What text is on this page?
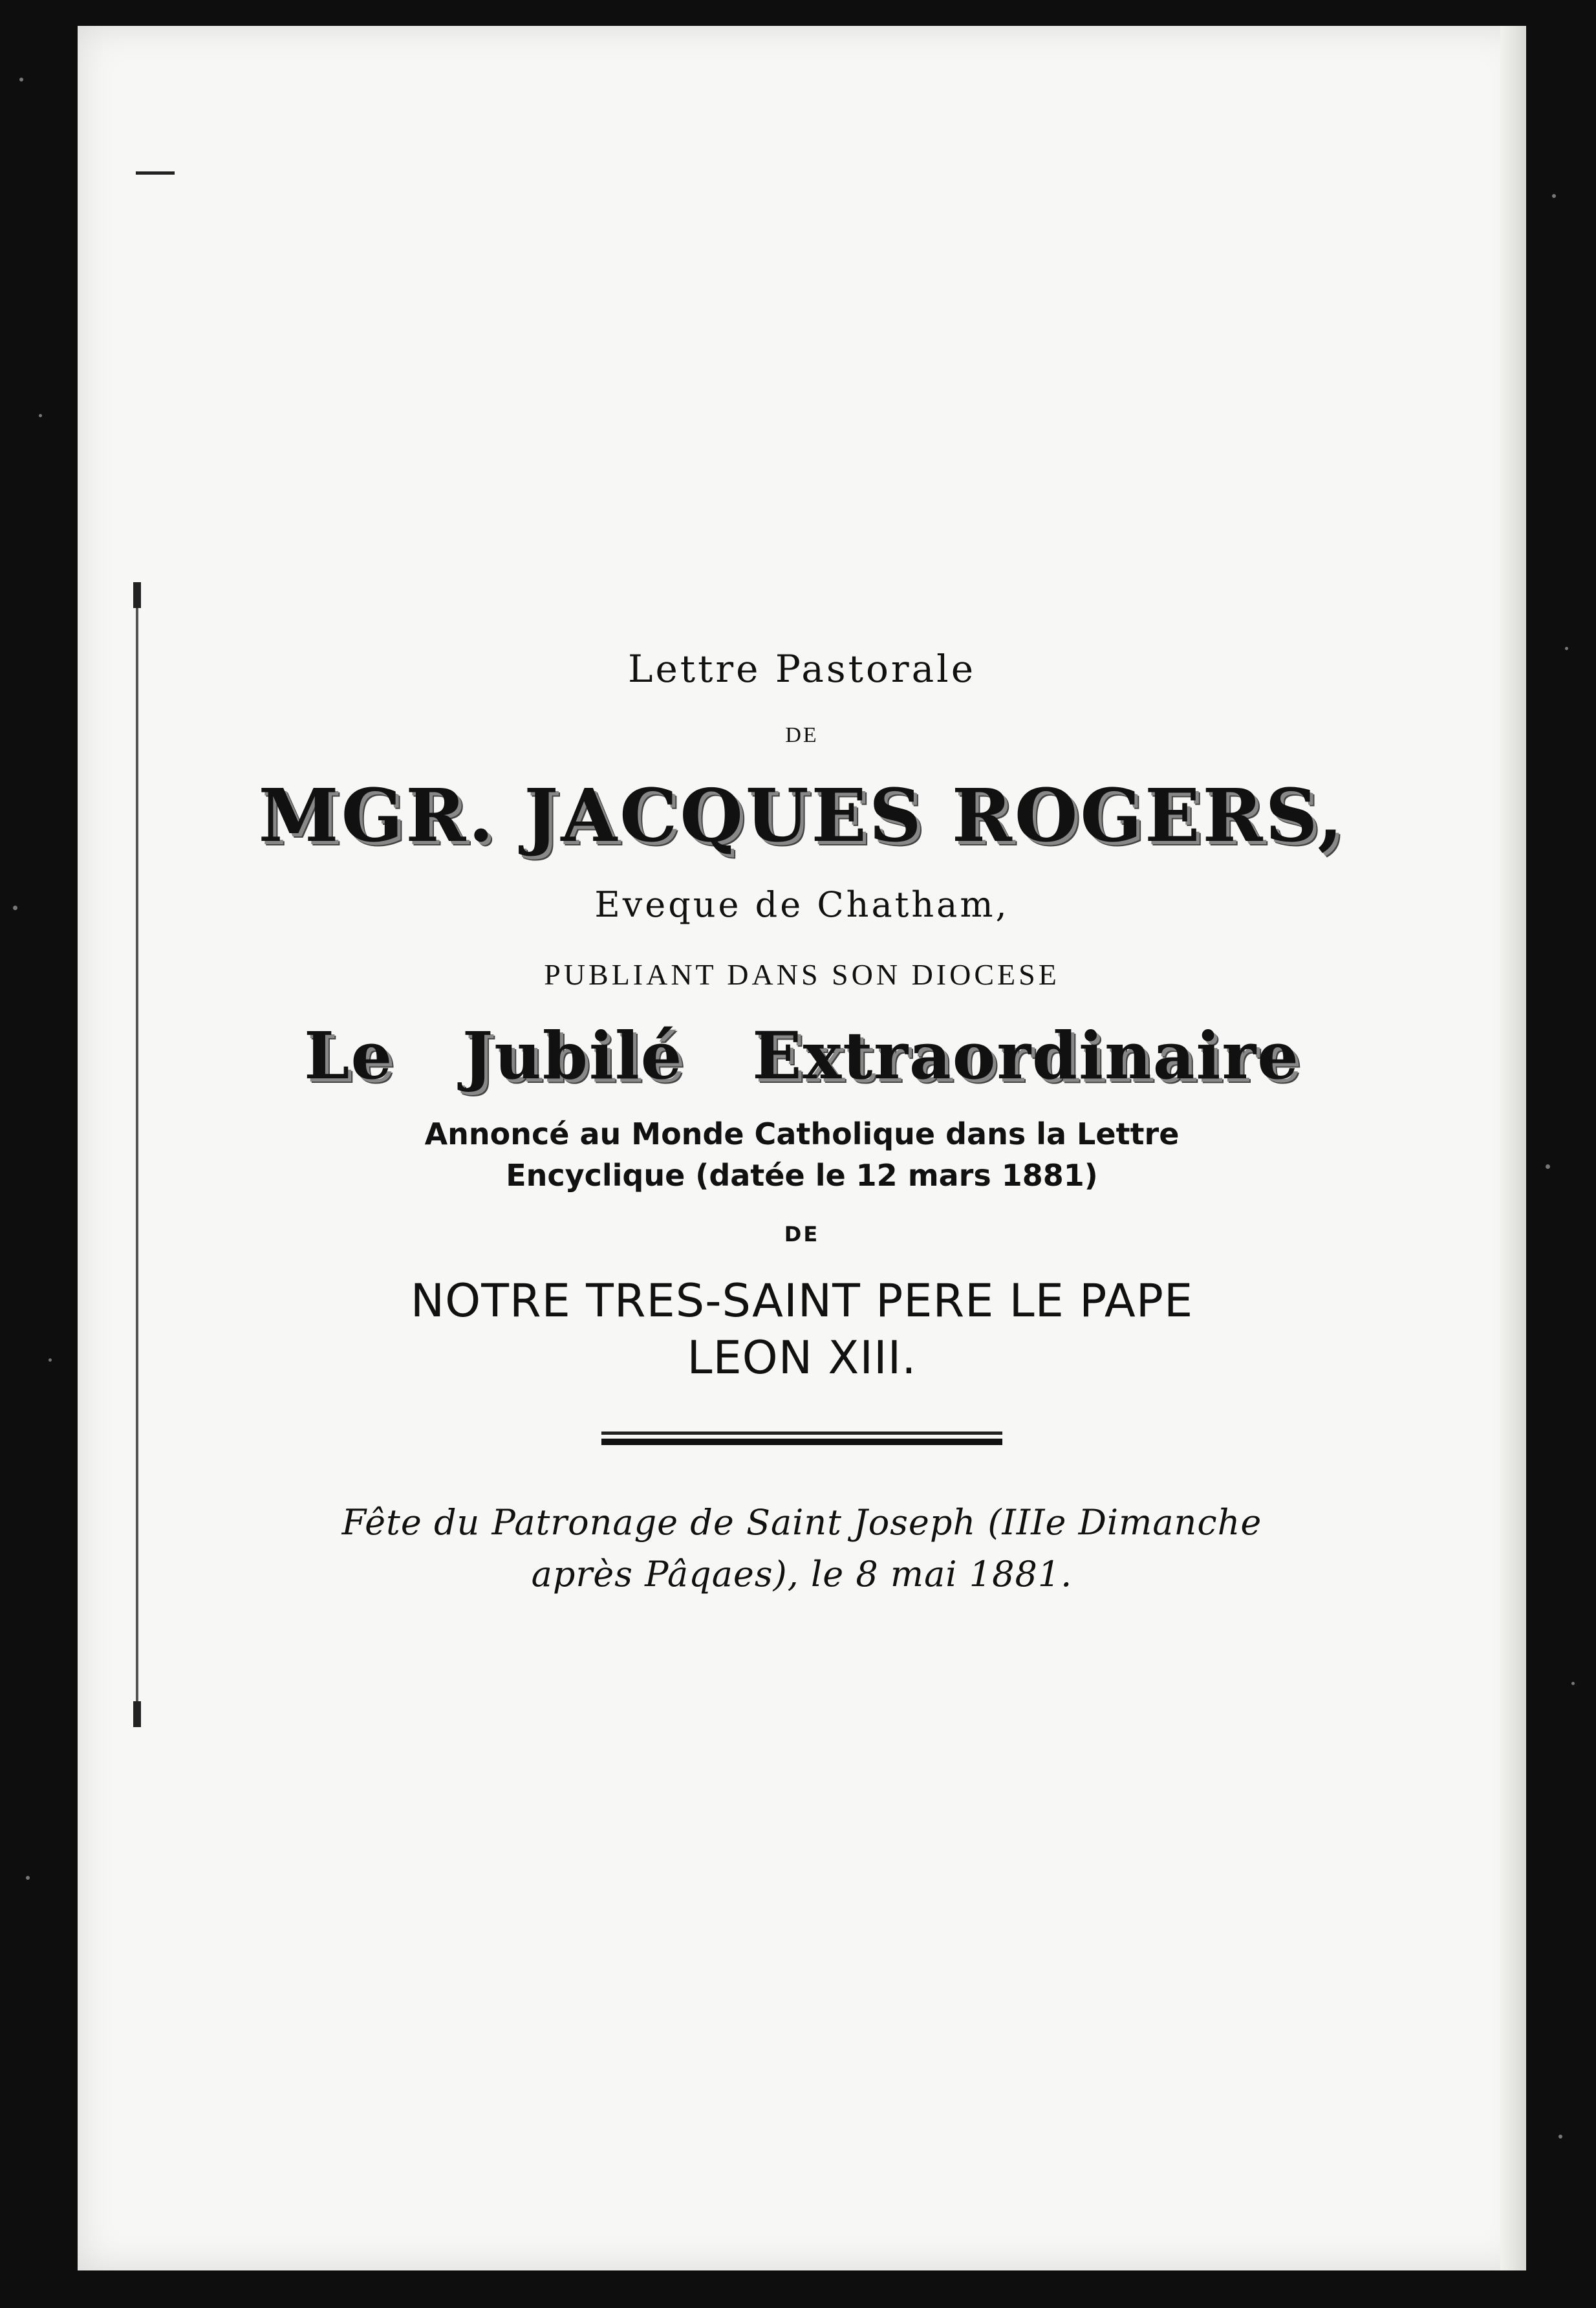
Lettre Pastorale
DE
MGR. JACQUES ROGERS,
Eveque de Chatham,
PUBLIANT DANS SON DIOCESE
Le Jubilé Extraordinaire
Annoncé au Monde Catholique dans la Lettre
Encyclique (datée le 12 mars 1881)
DE
NOTRE TRES-SAINT PERE LE PAPE
LEON XIII.
Fête du Patronage de Saint Joseph (IIIe Dimanche
après Pâqaes), le 8 mai 1881.
